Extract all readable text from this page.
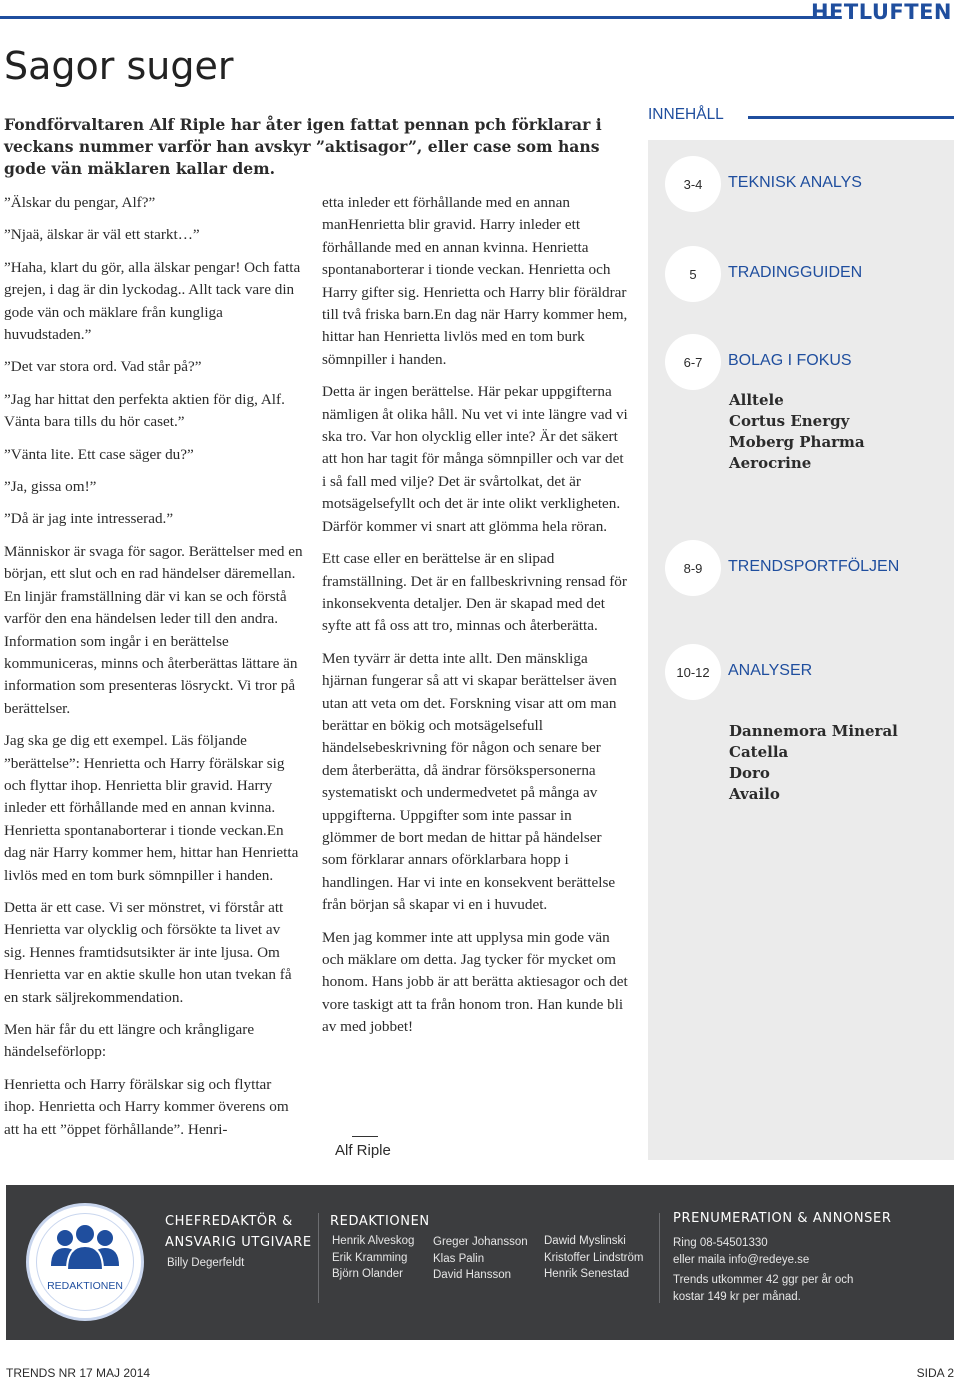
HETLUFTEN
Sagor suger
Fondförvaltaren Alf Riple har åter igen fattat pennan pch förklarar i veckans nummer varför han avskyr ”aktisagor”, eller case som hans gode vän mäklaren kallar dem.

”Älskar du pengar, Alf?”

”Njaä, älskar är väl ett starkt…”

”Haha, klart du gör, alla älskar pengar! Och fatta grejen, i dag är din lyckodag.. Allt tack vare din gode vän och mäklare från kungliga huvudstaden.”

”Det var stora ord. Vad står på?”

”Jag har hittat den perfekta aktien för dig, Alf. Vänta bara tills du hör caset.”

”Vänta lite. Ett case säger du?”

”Ja, gissa om!”

”Då är jag inte intresserad.”

Människor är svaga för sagor. Berättelser med en början, ett slut och en rad händelser däremellan. En linjär framställning där vi kan se och förstå varför den ena händelsen leder till den andra. Information som ingår i en berättelse kommuniceras, minns och återberättas lättare än information som presenteras lösryckt. Vi tror på berättelser.

Jag ska ge dig ett exempel. Läs följande ”berättelse”: Henrietta och Harry förälskar sig och flyttar ihop. Henrietta blir gravid. Harry inleder ett förhållande med en annan kvinna. Henrietta spontanaborterar i tionde veckan.En dag när Harry kommer hem, hittar han Henrietta livlös med en tom burk sömnpiller i handen.

Detta är ett case. Vi ser mönstret, vi förstår att Henrietta var olycklig och försökte ta livet av sig. Hennes framtidsutsikter är inte ljusa. Om Henrietta var en aktie skulle hon utan tvekan få en stark säljrekommendation.

Men här får du ett längre och krångligare händelseförlopp:

Henrietta och Harry förälskar sig och flyttar ihop. Henrietta och Harry kommer överens om att ha ett ”öppet förhållande”. Henri-

etta inleder ett förhållande med en annan manHenrietta blir gravid. Harry inleder ett förhållande med en annan kvinna. Henrietta spontanaborterar i tionde veckan. Henrietta och Harry gifter sig. Henrietta och Harry blir föräldrar till två friska barn.En dag när Harry kommer hem, hittar han Henrietta livlös med en tom burk sömnpiller i handen.

Detta är ingen berättelse. Här pekar uppgifterna nämligen åt olika håll. Nu vet vi inte längre vad vi ska tro. Var hon olycklig eller inte? Är det säkert att hon har tagit för många sömnpiller och var det i så fall med vilje? Det är svårtolkat, det är motsägelsefyllt och det är inte olikt verkligheten. Därför kommer vi snart att glömma hela röran.

Ett case eller en berättelse är en slipad framställning. Det är en fallbeskrivning rensad för inkonsekventa detaljer. Den är skapad med det syfte att få oss att tro, minnas och återberätta.

Men tyvärr är detta inte allt. Den mänskliga hjärnan fungerar så att vi skapar berättelser även utan att veta om det. Forskning visar att om man berättar en bökig och motsägelsefull händelsebeskrivning för någon och senare ber dem återberätta, då ändrar försökspersonerna systematiskt och undermedvetet på många av uppgifterna. Uppgifter som inte passar in glömmer de bort medan de hittar på händelser som förklarar annars oförklarbara hopp i handlingen. Har vi inte en konsekvent berättelse från början så skapar vi en i huvudet.

Men jag kommer inte att upplysa min gode vän och mäklare om detta. Jag tycker för mycket om honom. Hans jobb är att berätta aktiesagor och det vore taskigt att ta från honom tron. Han kunde bli av med jobbet!

Alf Riple
INNEHÅLL
3-4	TEKNISK ANALYS
5	TRADINGGUIDEN
6-7	BOLAG I FOKUS
Alltele
Cortus Energy
Moberg Pharma
Aerocrine
8-9	TRENDSPORTFÖLJEN
10-12	ANALYSER
Dannemora Mineral
Catella
Doro
Availo
REDAKTIONEN
CHEFREDAKTÖR &
ANSVARIG UTGIVARE
Billy Degerfeldt
REDAKTIONEN
Henrik Alveskog
Erik Kramming
Björn Olander
Greger Johansson
Klas Palin
David Hansson
Dawid Myslinski
Kristoffer Lindström
Henrik Senestad
PRENUMERATION & ANNONSER
Ring 08-54501330
eller maila info@redeye.se
Trends utkommer 42 ggr per år och
kostar 149 kr per månad.
TRENDS NR 17 MAJ 2014	SIDA 2
